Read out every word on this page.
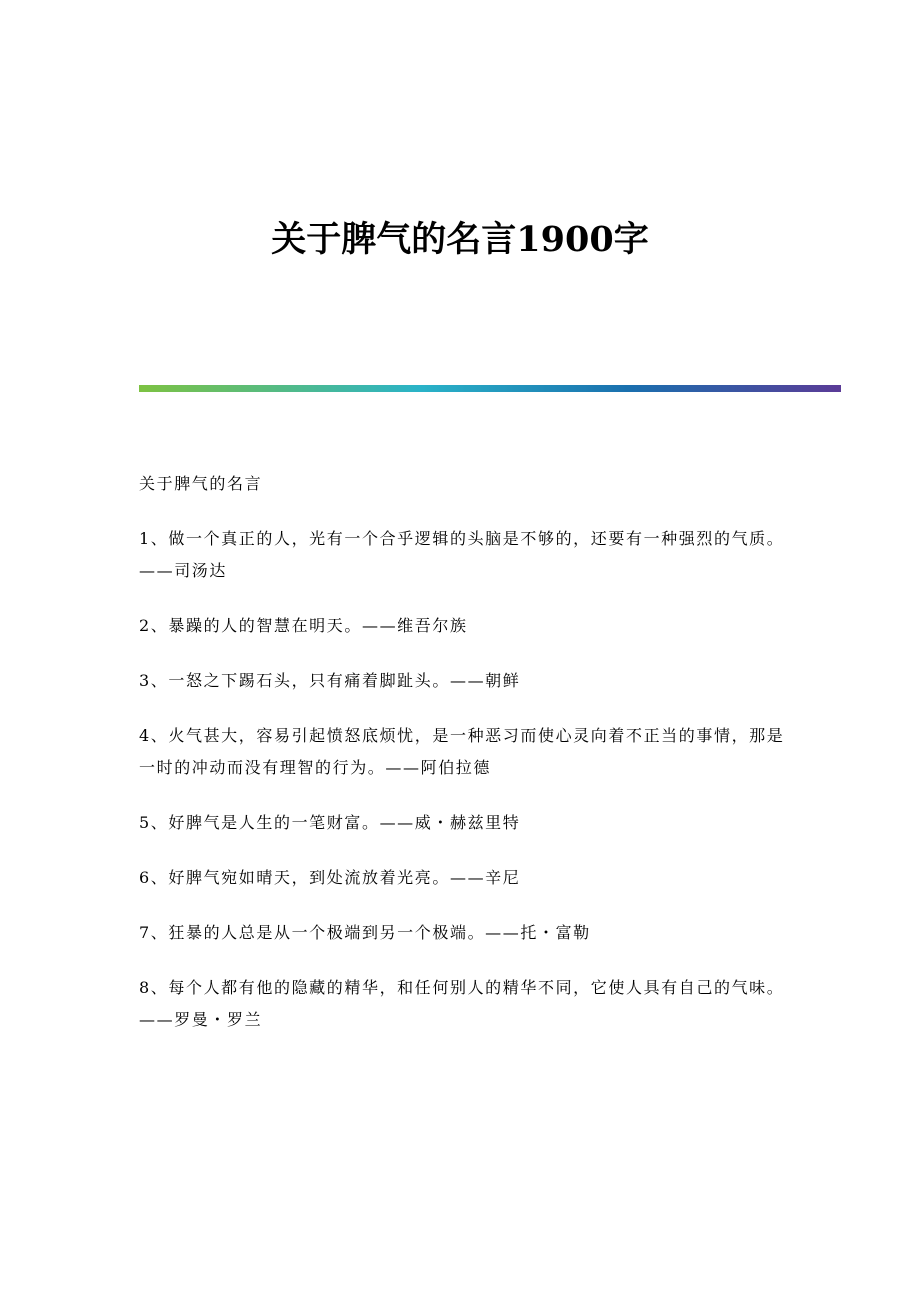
关于脾气的名言1900字

关于脾气的名言

1、做一个真正的人，光有一个合乎逻辑的头脑是不够的，还要有一种强烈的气质。——司汤达

2、暴躁的人的智慧在明天。——维吾尔族

3、一怒之下踢石头，只有痛着脚趾头。——朝鲜

4、火气甚大，容易引起愤怒底烦忧，是一种恶习而使心灵向着不正当的事情，那是一时的冲动而没有理智的行为。——阿伯拉德

5、好脾气是人生的一笔财富。——威・赫兹里特

6、好脾气宛如晴天，到处流放着光亮。——辛尼

7、狂暴的人总是从一个极端到另一个极端。——托・富勒

8、每个人都有他的隐藏的精华，和任何别人的精华不同，它使人具有自己的气味。——罗曼・罗兰
